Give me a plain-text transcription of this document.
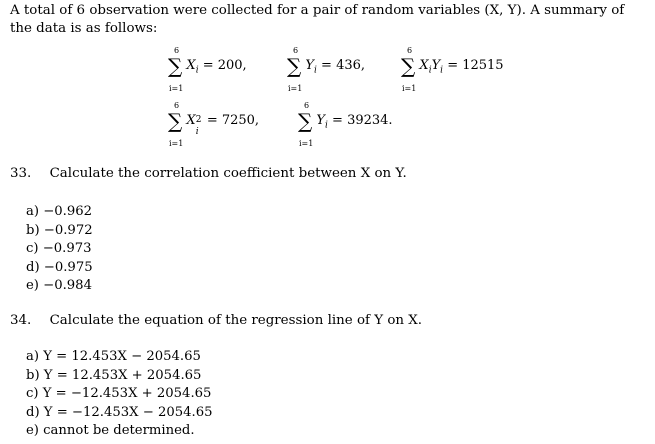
A total of 6 observation were collected for a pair of random variables (X, Y). A summary of the data is as follows:
6
∑
i=1
$X_i = 200$,
6
∑
i=1
$Y_i = 436$,
6
∑
i=1
$X_iY_i = 12515$
6
∑
i=1
X 2
i
= 7250,
6
∑
i=1
$Y_i = 39234$.
33. Calculate the correlation coefficient between X on Y.
a) −0.962
b) −0.972
c) −0.973
d) −0.975
e) −0.984
34. Calculate the equation of the regression line of Y on X.
a) Y = 12.453X − 2054.65
b) Y = 12.453X + 2054.65
c) Y = −12.453X + 2054.65
d) Y = −12.453X − 2054.65
e) cannot be determined.
